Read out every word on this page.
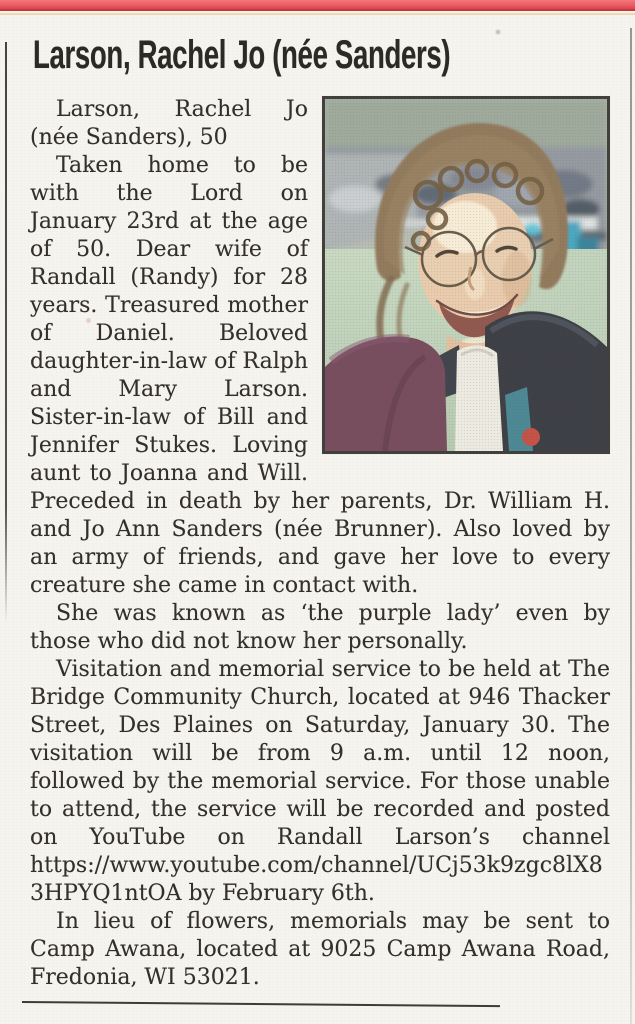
Larson, Rachel Jo (née Sanders)

Larson, Rachel Jo (née Sanders), 50

Taken home to be with the Lord on January 23rd at the age of 50. Dear wife of Randall (Randy) for 28 years. Treasured mother of Daniel. Beloved daughter-in-law of Ralph and Mary Larson. Sister-in-law of Bill and Jennifer Stukes. Loving aunt to Joanna and Will. Preceded in death by her parents, Dr. William H. and Jo Ann Sanders (née Brunner). Also loved by an army of friends, and gave her love to every creature she came in contact with.

She was known as ‘the purple lady’ even by those who did not know her personally.

Visitation and memorial service to be held at The Bridge Community Church, located at 946 Thacker Street, Des Plaines on Saturday, January 30. The visitation will be from 9 a.m. until 12 noon, followed by the memorial service. For those unable to attend, the service will be recorded and posted on YouTube on Randall Larson’s channel https://www.youtube.com/channel/UCj53k9zgc8lX83HPYQ1ntOA by February 6th.

In lieu of flowers, memorials may be sent to Camp Awana, located at 9025 Camp Awana Road, Fredonia, WI 53021.
